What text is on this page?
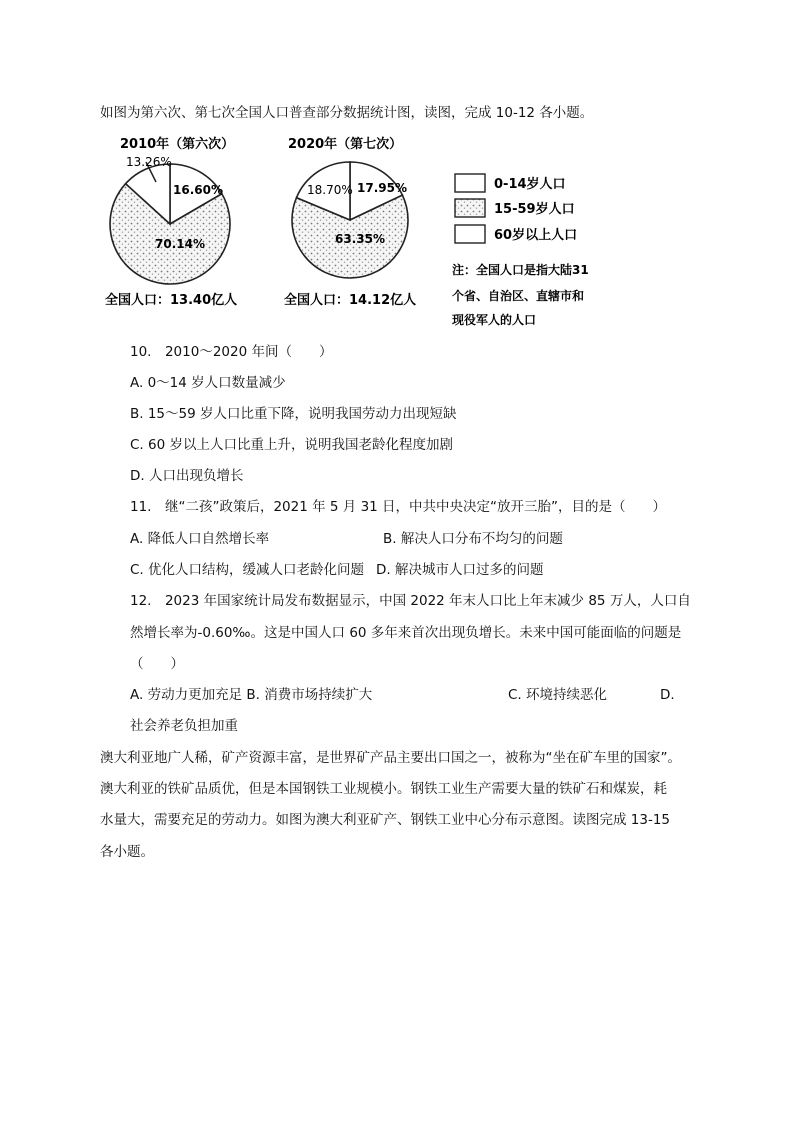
如图为第六次、第七次全国人口普查部分数据统计图，读图，完成 10-12 各小题。
2010年（第六次）
13.26%
16.60%
70.14%
全国人口：13.40亿人
2020年（第七次）
18.70% 17.95%
63.35%
全国人口：14.12亿人
0-14岁人口
15-59岁人口
60岁以上人口
注：全国人口是指大陆31
个省、自治区、直辖市和
现役军人的人口
10.　2010～2020 年间（　　）
A. 0～14 岁人口数量减少
B. 15～59 岁人口比重下降，说明我国劳动力出现短缺
C. 60 岁以上人口比重上升，说明我国老龄化程度加剧
D. 人口出现负增长
11.　继“二孩”政策后，2021 年 5 月 31 日，中共中央决定“放开三胎”，目的是（　　）
A. 降低人口自然增长率	B. 解决人口分布不均匀的问题
C. 优化人口结构，缓减人口老龄化问题 D. 解决城市人口过多的问题
12.　2023 年国家统计局发布数据显示，中国 2022 年末人口比上年末减少 85 万人，人口自
然增长率为-0.60‰。这是中国人口 60 多年来首次出现负增长。未来中国可能面临的问题是
（　　）
A. 劳动力更加充足 B. 消费市场持续扩大	C. 环境持续恶化	D.
社会养老负担加重
澳大利亚地广人稀，矿产资源丰富，是世界矿产品主要出口国之一，被称为“坐在矿车里的国家”。
澳大利亚的铁矿品质优，但是本国钢铁工业规模小。钢铁工业生产需要大量的铁矿石和煤炭，耗
水量大，需要充足的劳动力。如图为澳大利亚矿产、钢铁工业中心分布示意图。读图完成 13-15
各小题。
